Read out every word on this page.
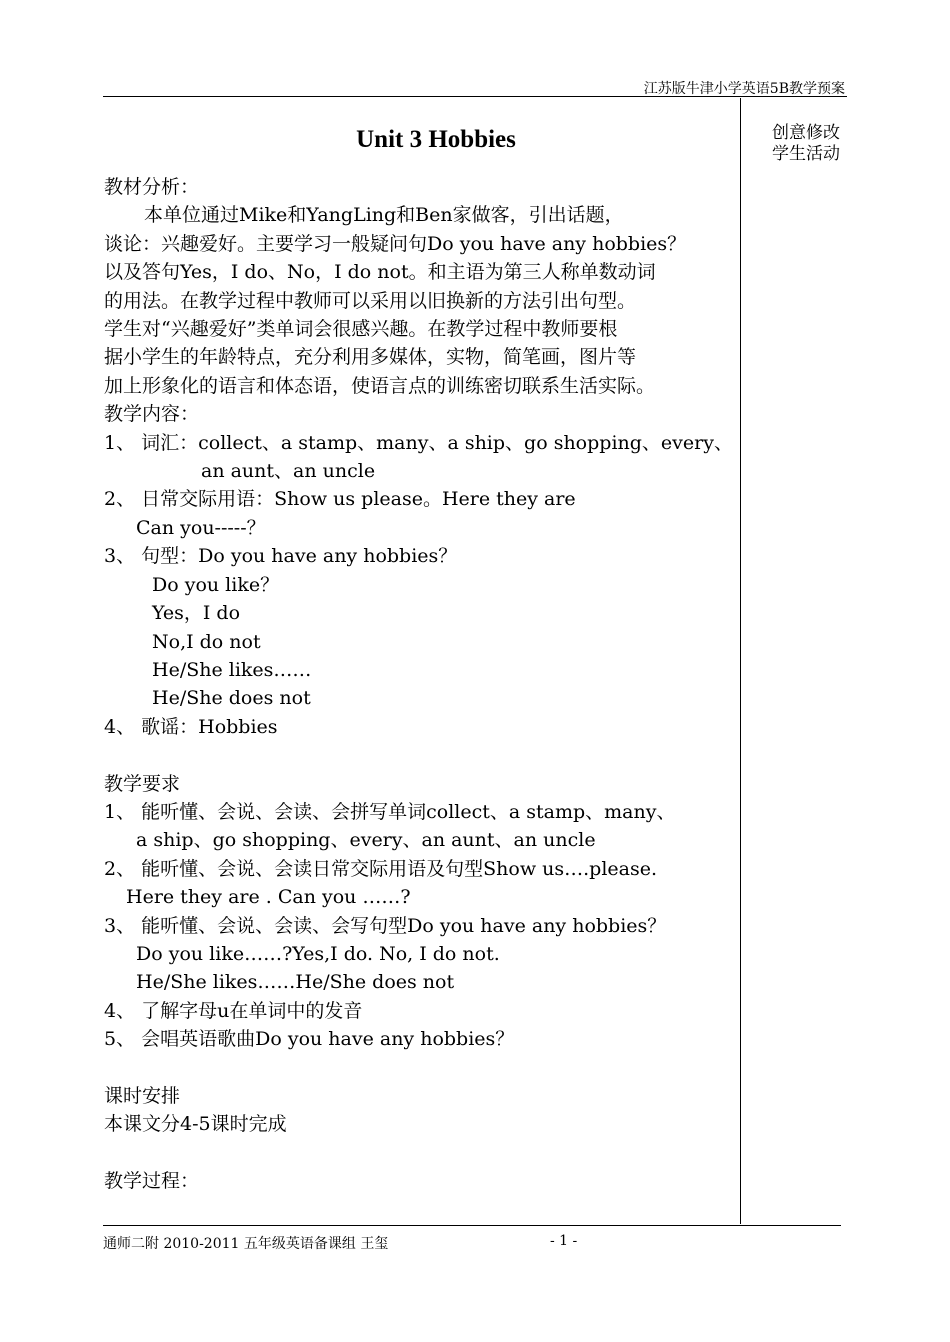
江苏版牛津小学英语5B教学预案
创意修改
学生活动
Unit 3 Hobbies

教材分析：

本单位通过Mike和YangLing和Ben家做客，引出话题，

谈论：兴趣爱好。主要学习一般疑问句Do you have any hobbies？

以及答句Yes，I do、No，I do not。和主语为第三人称单数动词

的用法。在教学过程中教师可以采用以旧换新的方法引出句型。

学生对“兴趣爱好”类单词会很感兴趣。在教学过程中教师要根

据小学生的年龄特点，充分利用多媒体，实物，简笔画，图片等

加上形象化的语言和体态语，使语言点的训练密切联系生活实际。

教学内容：

1、 词汇：collect、a stamp、many、a ship、go shopping、every、

an aunt、an uncle

2、 日常交际用语：Show us please。Here they are

Can you-----？

3、 句型：Do you have any hobbies？

Do you like？

Yes，I do

No,I do not

He/She likes……

He/She does not

4、 歌谣：Hobbies

教学要求

1、 能听懂、会说、会读、会拼写单词collect、a stamp、many、

a ship、go shopping、every、an aunt、an uncle

2、 能听懂、会说、会读日常交际用语及句型Show us….please.

Here they are . Can you ……?

3、 能听懂、会说、会读、会写句型Do you have any hobbies？

Do you like……?Yes,I do. No, I do not.

He/She likes……He/She does not

4、 了解字母u在单词中的发音

5、 会唱英语歌曲Do you have any hobbies？

课时安排

本课文分4-5课时完成

教学过程：

通师二附 2010-2011 五年级英语备课组 王玺	- 1 -
